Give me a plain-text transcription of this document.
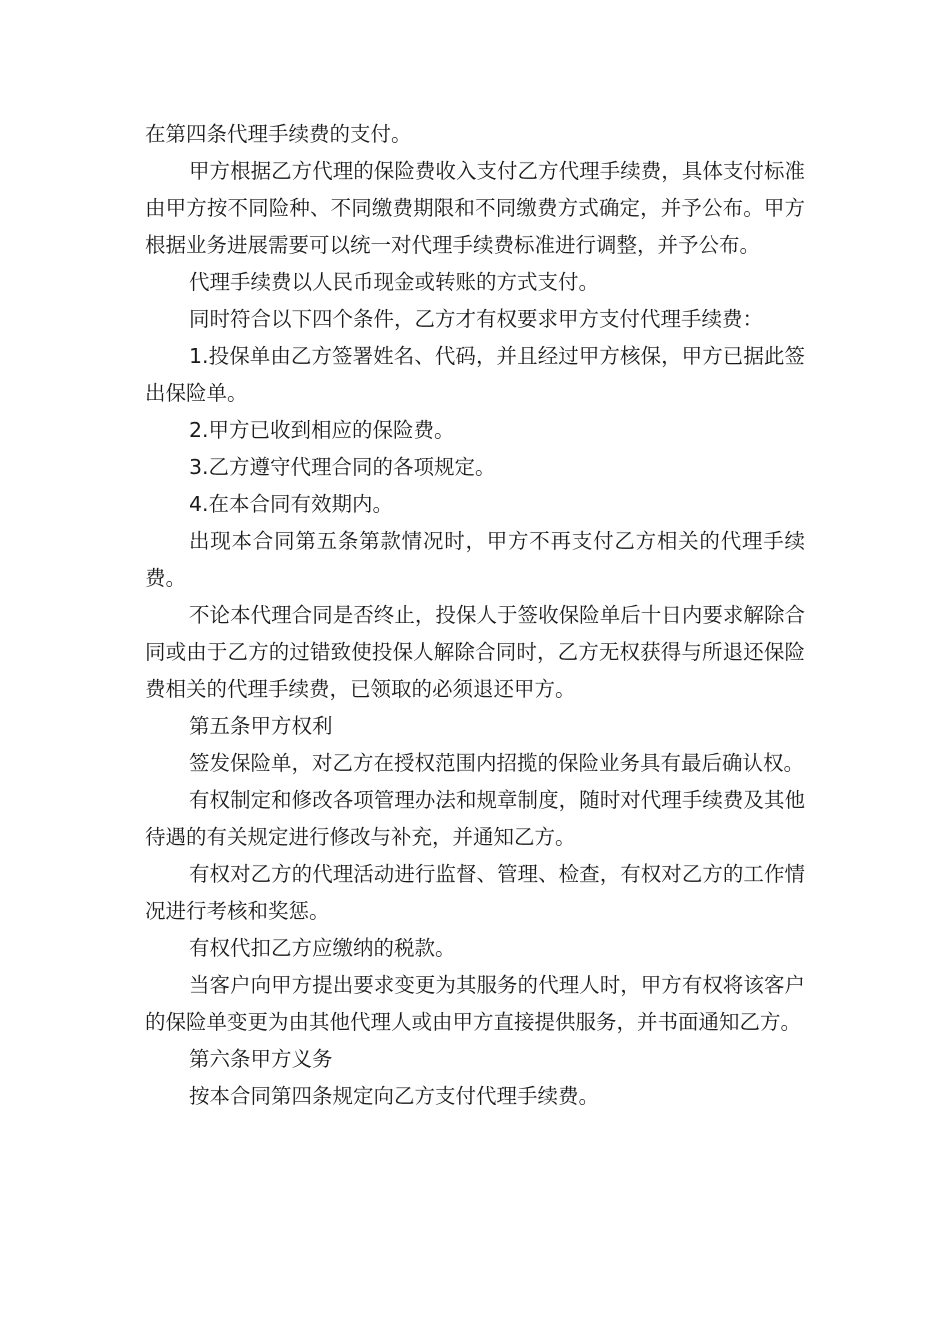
在第四条代理手续费的支付。

甲方根据乙方代理的保险费收入支付乙方代理手续费，具体支付标准由甲方按不同险种、不同缴费期限和不同缴费方式确定，并予公布。甲方根据业务进展需要可以统一对代理手续费标准进行调整，并予公布。

代理手续费以人民币现金或转账的方式支付。

同时符合以下四个条件，乙方才有权要求甲方支付代理手续费：

1.投保单由乙方签署姓名、代码，并且经过甲方核保，甲方已据此签出保险单。

2.甲方已收到相应的保险费。

3.乙方遵守代理合同的各项规定。

4.在本合同有效期内。

出现本合同第五条第款情况时，甲方不再支付乙方相关的代理手续费。

不论本代理合同是否终止，投保人于签收保险单后十日内要求解除合同或由于乙方的过错致使投保人解除合同时，乙方无权获得与所退还保险费相关的代理手续费，已领取的必须退还甲方。

第五条甲方权利

签发保险单，对乙方在授权范围内招揽的保险业务具有最后确认权。

有权制定和修改各项管理办法和规章制度，随时对代理手续费及其他待遇的有关规定进行修改与补充，并通知乙方。

有权对乙方的代理活动进行监督、管理、检查，有权对乙方的工作情况进行考核和奖惩。

有权代扣乙方应缴纳的税款。

当客户向甲方提出要求变更为其服务的代理人时，甲方有权将该客户的保险单变更为由其他代理人或由甲方直接提供服务，并书面通知乙方。

第六条甲方义务

按本合同第四条规定向乙方支付代理手续费。
